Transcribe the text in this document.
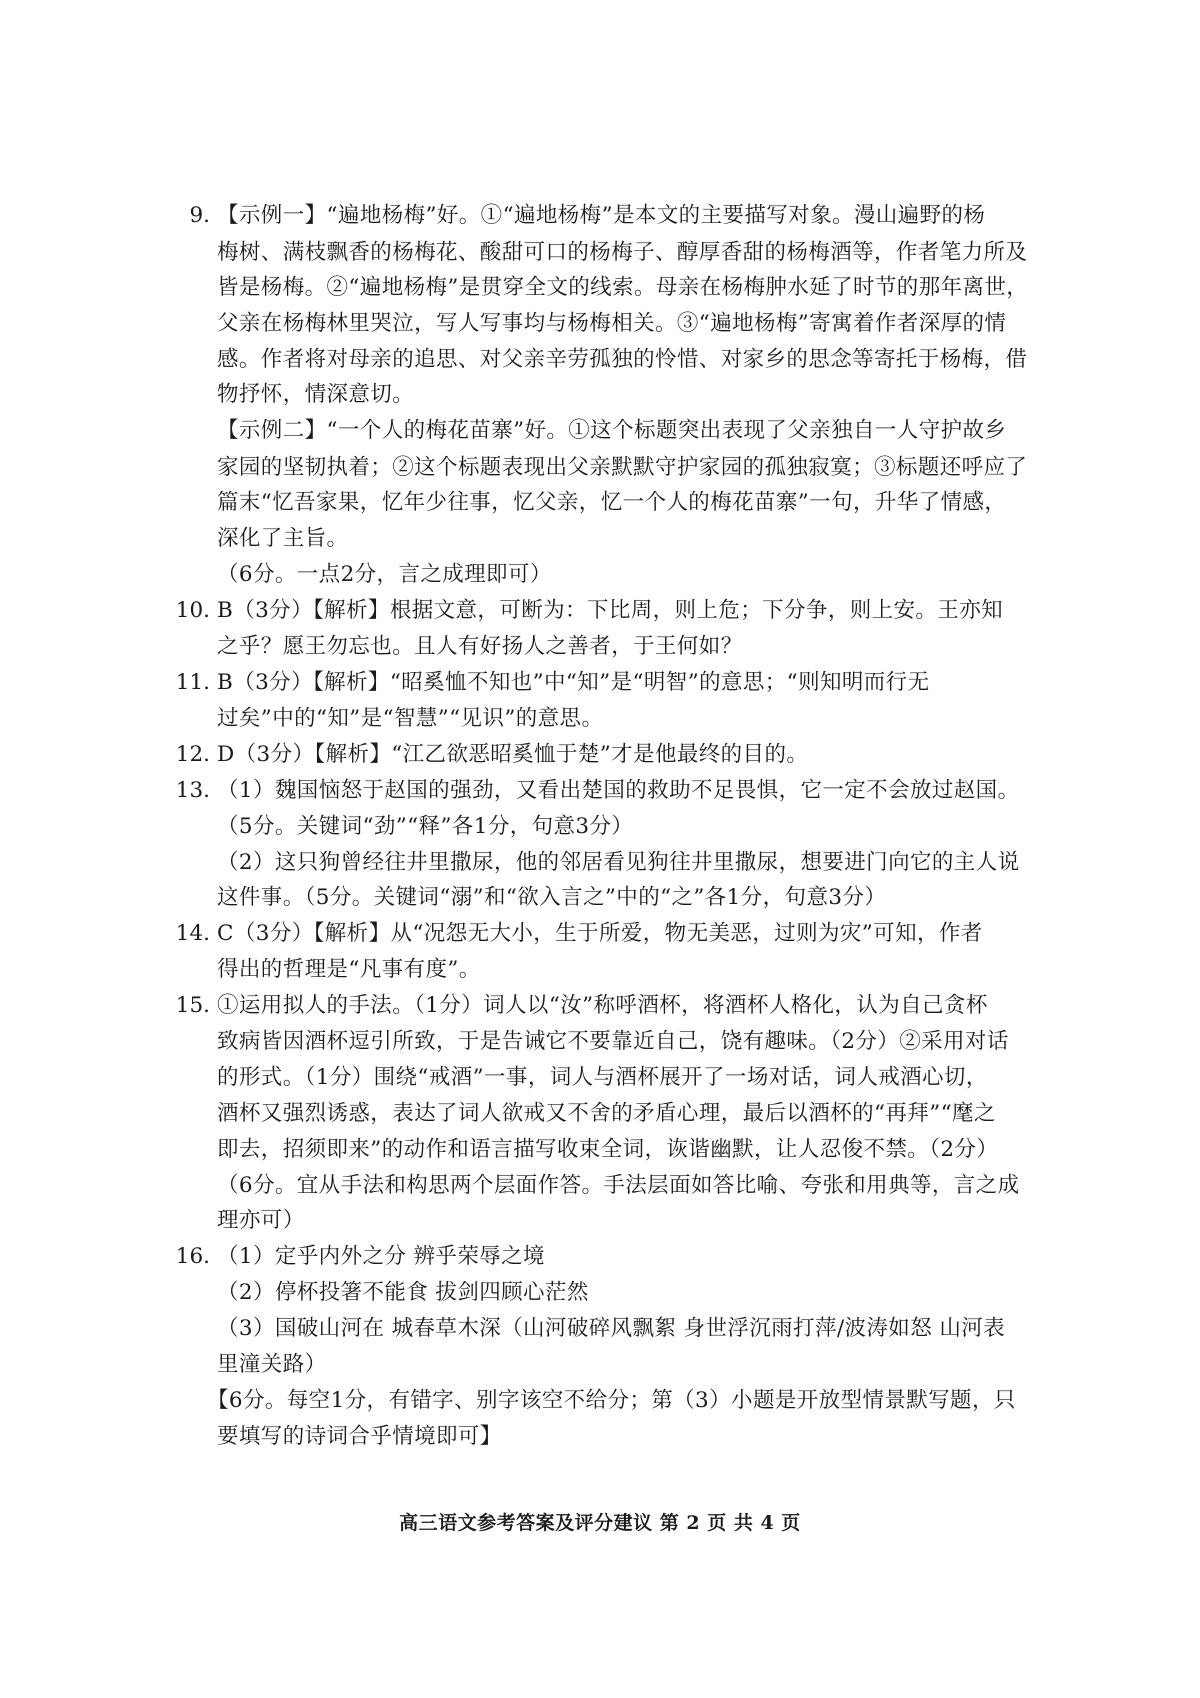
9. 【示例一】“遍地杨梅”好。①“遍地杨梅”是本文的主要描写对象。漫山遍野的杨
梅树、满枝飘香的杨梅花、酸甜可口的杨梅子、醇厚香甜的杨梅酒等，作者笔力所及
皆是杨梅。②“遍地杨梅”是贯穿全文的线索。母亲在杨梅肿水延了时节的那年离世，
父亲在杨梅林里哭泣，写人写事均与杨梅相关。③“遍地杨梅”寄寓着作者深厚的情
感。作者将对母亲的追思、对父亲辛劳孤独的怜惜、对家乡的思念等寄托于杨梅，借
物抒怀，情深意切。
【示例二】“一个人的梅花苗寨”好。①这个标题突出表现了父亲独自一人守护故乡
家园的坚韧执着；②这个标题表现出父亲默默守护家园的孤独寂寞；③标题还呼应了
篇末“忆吾家果，忆年少往事，忆父亲，忆一个人的梅花苗寨”一句，升华了情感，
深化了主旨。
（6分。一点2分，言之成理即可）
10. B（3分）【解析】根据文意，可断为：下比周，则上危；下分争，则上安。王亦知
之乎？愿王勿忘也。且人有好扬人之善者，于王何如？
11. B（3分）【解析】“昭奚恤不知也”中“知”是“明智”的意思；“则知明而行无
过矣”中的“知”是“智慧”“见识”的意思。
12. D（3分）【解析】“江乙欲恶昭奚恤于楚”才是他最终的目的。
13. （1）魏国恼怒于赵国的强劲，又看出楚国的救助不足畏惧，它一定不会放过赵国。
（5分。关键词“劲”“释”各1分，句意3分）
（2）这只狗曾经往井里撒尿，他的邻居看见狗往井里撒尿，想要进门向它的主人说
这件事。（5分。关键词“溺”和“欲入言之”中的“之”各1分，句意3分）
14. C（3分）【解析】从“况怨无大小，生于所爱，物无美恶，过则为灾”可知，作者
得出的哲理是“凡事有度”。
15. ①运用拟人的手法。（1分）词人以“汝”称呼酒杯，将酒杯人格化，认为自己贪杯
致病皆因酒杯逗引所致，于是告诫它不要靠近自己，饶有趣味。（2分）②采用对话
的形式。（1分）围绕“戒酒”一事，词人与酒杯展开了一场对话，词人戒酒心切，
酒杯又强烈诱惑，表达了词人欲戒又不舍的矛盾心理，最后以酒杯的“再拜”“麾之
即去，招须即来”的动作和语言描写收束全词，诙谐幽默，让人忍俊不禁。（2分）
（6分。宜从手法和构思两个层面作答。手法层面如答比喻、夸张和用典等，言之成
理亦可）
16. （1）定乎内外之分 辨乎荣辱之境
（2）停杯投箸不能食 拔剑四顾心茫然
（3）国破山河在 城春草木深（山河破碎风飘絮 身世浮沉雨打萍/波涛如怒 山河表
里潼关路）
【6分。每空1分，有错字、别字该空不给分；第（3）小题是开放型情景默写题，只
要填写的诗词合乎情境即可】
高三语文参考答案及评分建议 第 2 页 共 4 页
